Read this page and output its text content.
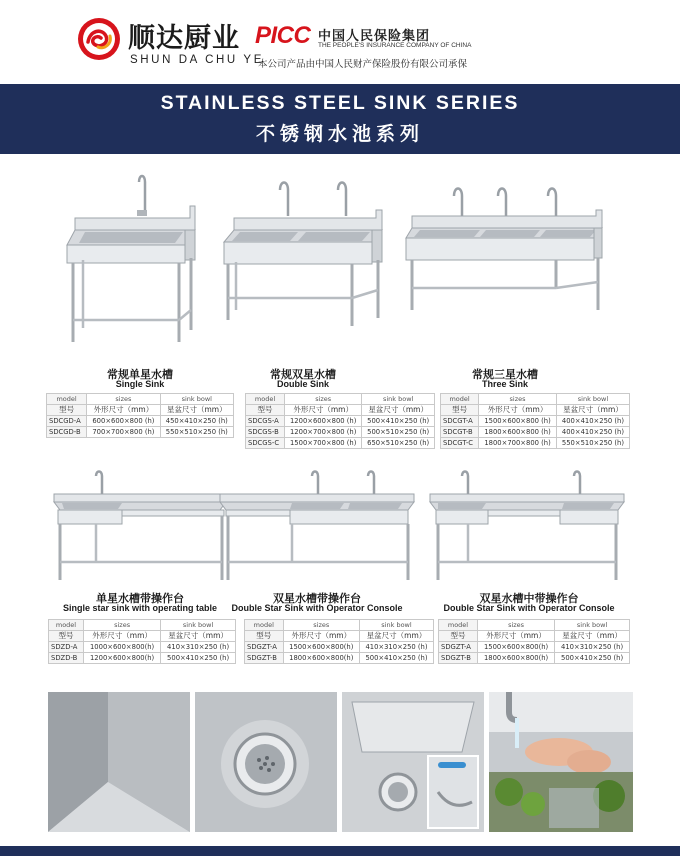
顺达厨业
SHUN DA CHU YE
PICC 中国人民保险集团
THE PEOPLE'S INSURANCE COMPANY OF CHINA
本公司产品由中国人民财产保险股份有限公司承保
STAINLESS STEEL SINK SERIES
不锈钢水池系列
常规单星水槽
Single Sink
model	sizes	sink bowl
型号	外形尺寸（mm）	星盆尺寸（mm）
SDCGD-A	600×600×800 (h)	450×410×250 (h)
SDCGD-B	700×700×800 (h)	550×510×250 (h)
常规双星水槽
Double Sink
model	sizes	sink bowl
型号	外形尺寸（mm）	星盆尺寸（mm）
SDCGS-A	1200×600×800 (h)	500×410×250 (h)
SDCGS-B	1200×700×800 (h)	500×510×250 (h)
SDCGS-C	1500×700×800 (h)	650×510×250 (h)
常规三星水槽
Three Sink
model	sizes	sink bowl
型号	外形尺寸（mm）	星盆尺寸（mm）
SDCGT-A	1500×600×800 (h)	400×410×250 (h)
SDCGT-B	1800×600×800 (h)	400×410×250 (h)
SDCGT-C	1800×700×800 (h)	550×510×250 (h)
单星水槽带操作台
Single star sink with operating table
model	sizes	sink bowl
型号	外形尺寸（mm）	星盆尺寸（mm）
SDZD-A	1000×600×800(h)	410×310×250 (h)
SDZD-B	1200×600×800(h)	500×410×250 (h)
双星水槽带操作台
Double Star Sink with Operator Console
model	sizes	sink bowl
型号	外形尺寸（mm）	星盆尺寸（mm）
SDGZT-A	1500×600×800(h)	410×310×250 (h)
SDGZT-B	1800×600×800(h)	500×410×250 (h)
双星水槽中带操作台
Double Star Sink with Operator Console
model	sizes	sink bowl
型号	外形尺寸（mm）	星盆尺寸（mm）
SDGZT-A	1500×600×800(h)	410×310×250 (h)
SDGZT-B	1800×600×800(h)	500×410×250 (h)
